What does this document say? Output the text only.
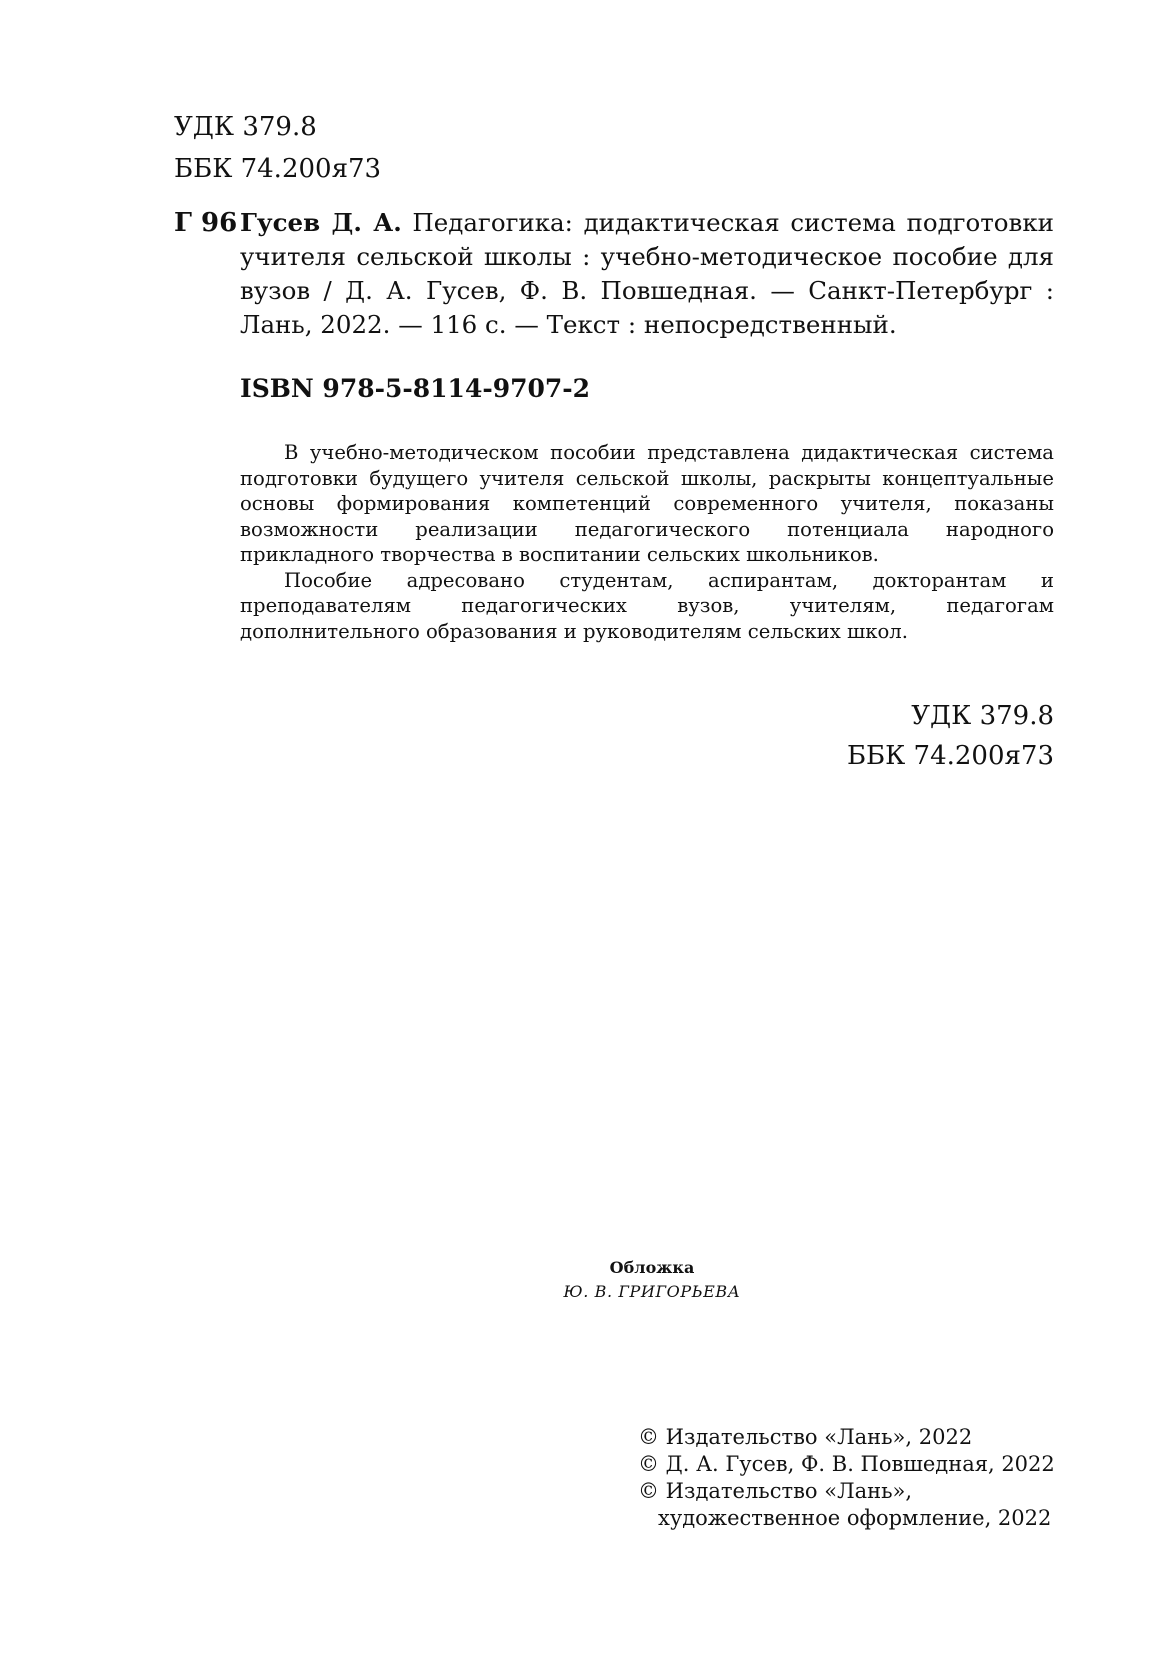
УДК 379.8
ББК 74.200я73
Г 96 Гусев Д. А. Педагогика: дидактическая система подготовки учителя сельской школы : учебно-методическое пособие для вузов / Д. А. Гусев, Ф. В. Повшедная. — Санкт-Петербург : Лань, 2022. — 116 с. — Текст : непосредственный.
ISBN 978-5-8114-9707-2

В учебно-методическом пособии представлена дидактическая система подготовки будущего учителя сельской школы, раскрыты концептуальные основы формирования компетенций современного учителя, показаны возможности реализации педагогического потенциала народного прикладного творчества в воспитании сельских школьников.

Пособие адресовано студентам, аспирантам, докторантам и преподавателям педагогических вузов, учителям, педагогам дополнительного образования и руководителям сельских школ.

УДК 379.8
ББК 74.200я73
Обложка
Ю. В. ГРИГОРЬЕВА
© Издательство «Лань», 2022
© Д. А. Гусев, Ф. В. Повшедная, 2022
© Издательство «Лань»,
художественное оформление, 2022
